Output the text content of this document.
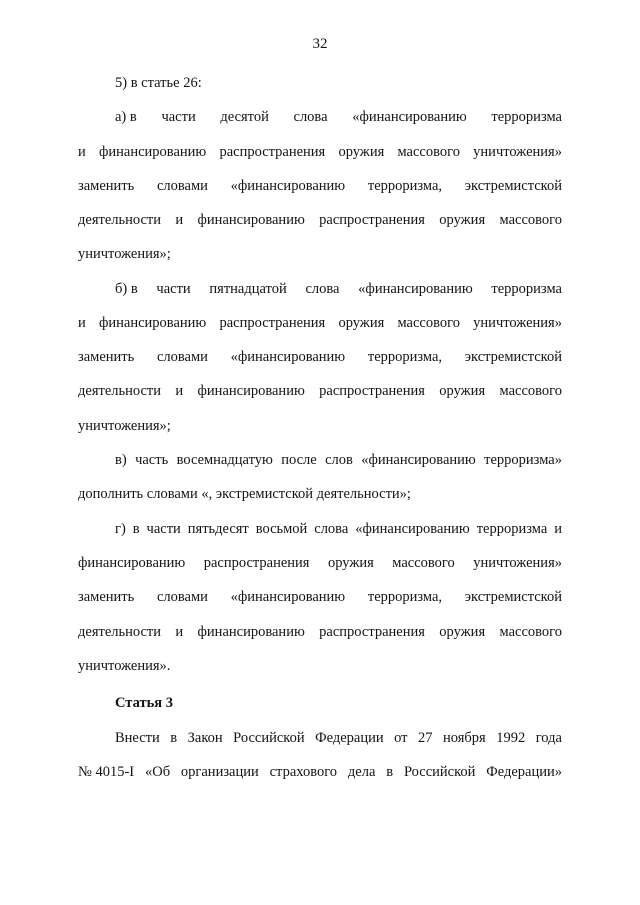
32
5) в статье 26:
а) в части десятой слова «финансированию терроризма
и финансированию распространения оружия массового уничтожения»
заменить словами «финансированию терроризма, экстремистской
деятельности и финансированию распространения оружия массового
уничтожения»;
б) в части пятнадцатой слова «финансированию терроризма
и финансированию распространения оружия массового уничтожения»
заменить словами «финансированию терроризма, экстремистской
деятельности и финансированию распространения оружия массового
уничтожения»;
в) часть восемнадцатую после слов «финансированию терроризма»
дополнить словами «, экстремистской деятельности»;
г) в части пятьдесят восьмой слова «финансированию терроризма и
финансированию распространения оружия массового уничтожения»
заменить словами «финансированию терроризма, экстремистской
деятельности и финансированию распространения оружия массового
уничтожения».
Статья 3
Внести в Закон Российской Федерации от 27 ноября 1992 года
№ 4015-I «Об организации страхового дела в Российской Федерации»
